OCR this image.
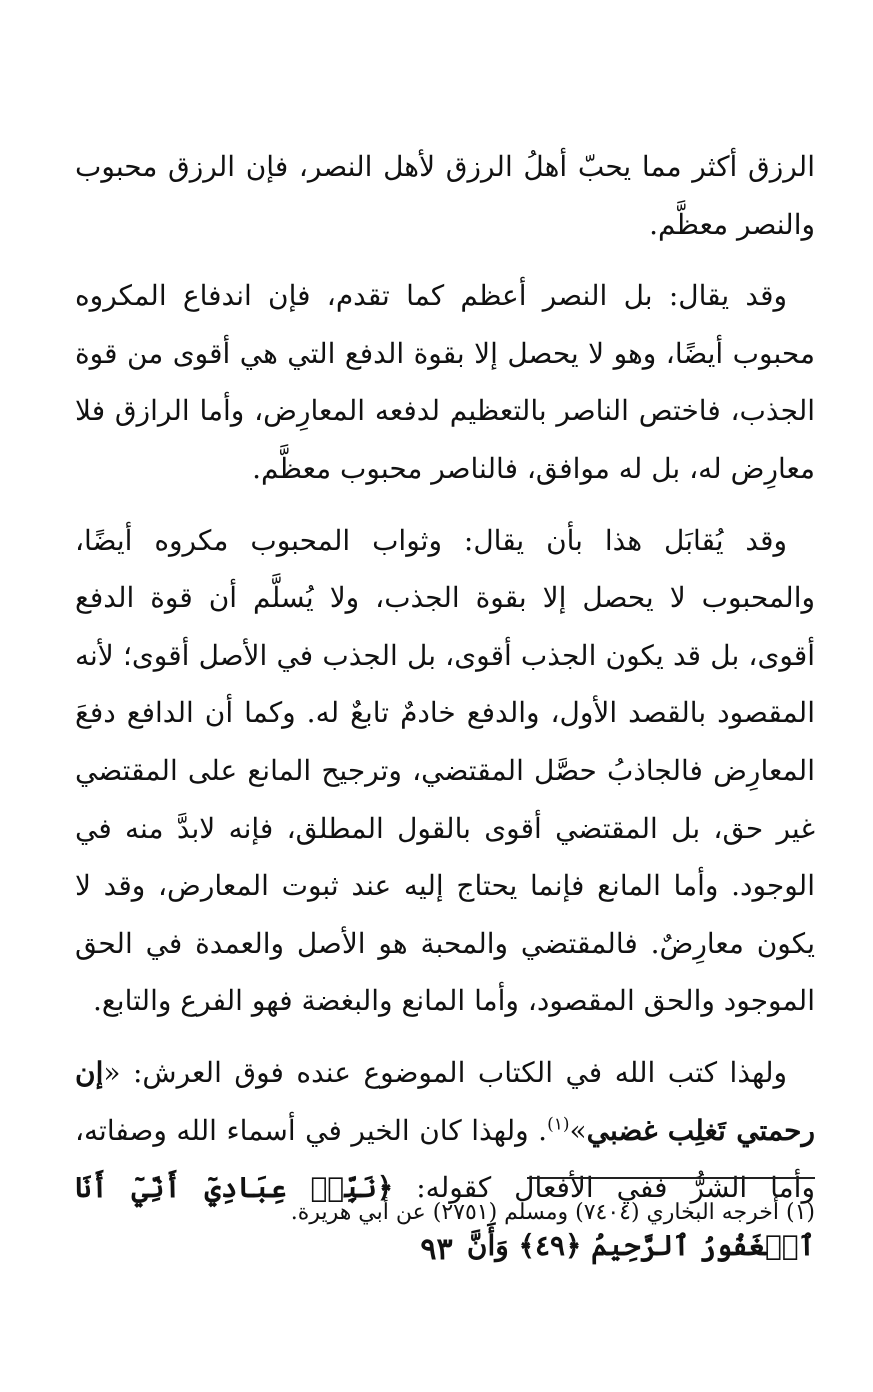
الرزق أكثر مما يحبّ أهلُ الرزق لأهل النصر، فإن الرزق محبوب والنصر معظَّم.

وقد يقال: بل النصر أعظم كما تقدم، فإن اندفاع المكروه محبوب أيضًا، وهو لا يحصل إلا بقوة الدفع التي هي أقوى من قوة الجذب، فاختص الناصر بالتعظيم لدفعه المعارِض، وأما الرازق فلا معارِض له، بل له موافق، فالناصر محبوب معظَّم.

وقد يُقابَل هذا بأن يقال: وثواب المحبوب مكروه أيضًا، والمحبوب لا يحصل إلا بقوة الجذب، ولا يُسلَّم أن قوة الدفع أقوى، بل قد يكون الجذب أقوى، بل الجذب في الأصل أقوى؛ لأنه المقصود بالقصد الأول، والدفع خادمٌ تابعٌ له. وكما أن الدافع دفعَ المعارِض فالجاذبُ حصَّل المقتضي، وترجيح المانع على المقتضي غير حق، بل المقتضي أقوى بالقول المطلق، فإنه لابدَّ منه في الوجود. وأما المانع فإنما يحتاج إليه عند ثبوت المعارض، وقد لا يكون معارِضٌ. فالمقتضي والمحبة هو الأصل والعمدة في الحق الموجود والحق المقصود، وأما المانع والبغضة فهو الفرع والتابع.

ولهذا كتب الله في الكتاب الموضوع عنده فوق العرش: «إن رحمتي تَغلِب غضبي»$^{(١)}$. ولهذا كان الخير في أسماء الله وصفاته، وأما الشرُّ ففي الأفعال كقوله: ﴿نَبِّئۡ عِبَادِيٓ أَنِّيٓ أَنَا ٱلۡغَفُورُ ٱلرَّحِيمُ ﴿٤٩﴾ وَأَنَّ

(١) أخرجه البخاري (٧٤٠٤) ومسلم (٢٧٥١) عن أبي هريرة.
٩٣
